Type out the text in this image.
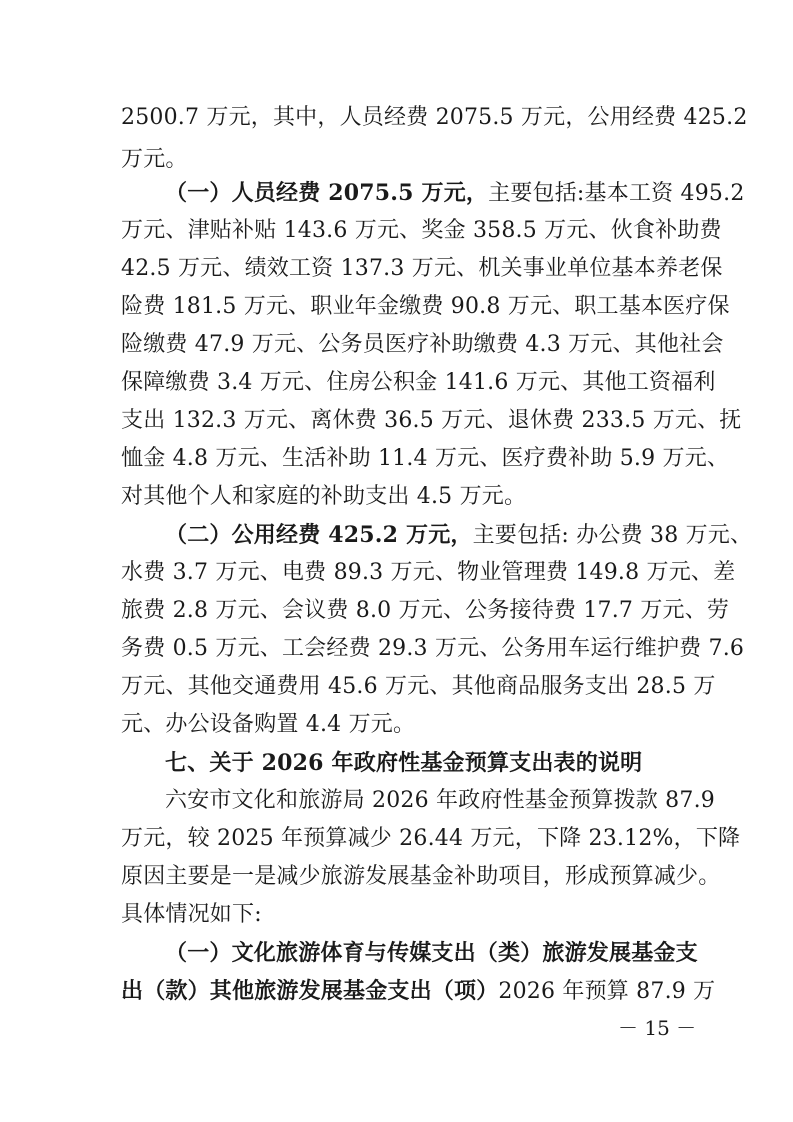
2500.7 万元，其中，人员经费 2075.5 万元，公用经费 425.2
万元。
（一）人员经费 2075.5 万元，主要包括:基本工资 495.2
万元、津贴补贴 143.6 万元、奖金 358.5 万元、伙食补助费
42.5 万元、绩效工资 137.3 万元、机关事业单位基本养老保
险费 181.5 万元、职业年金缴费 90.8 万元、职工基本医疗保
险缴费 47.9 万元、公务员医疗补助缴费 4.3 万元、其他社会
保障缴费 3.4 万元、住房公积金 141.6 万元、其他工资福利
支出 132.3 万元、离休费 36.5 万元、退休费 233.5 万元、抚
恤金 4.8 万元、生活补助 11.4 万元、医疗费补助 5.9 万元、
对其他个人和家庭的补助支出 4.5 万元。
（二）公用经费 425.2 万元，主要包括: 办公费 38 万元、
水费 3.7 万元、电费 89.3 万元、物业管理费 149.8 万元、差
旅费 2.8 万元、会议费 8.0 万元、公务接待费 17.7 万元、劳
务费 0.5 万元、工会经费 29.3 万元、公务用车运行维护费 7.6
万元、其他交通费用 45.6 万元、其他商品服务支出 28.5 万
元、办公设备购置 4.4 万元。
七、关于 2026 年政府性基金预算支出表的说明
六安市文化和旅游局 2026 年政府性基金预算拨款 87.9
万元，较 2025 年预算减少 26.44 万元，下降 23.12%，下降
原因主要是一是减少旅游发展基金补助项目，形成预算减少。
具体情况如下:
（一）文化旅游体育与传媒支出（类）旅游发展基金支
出（款）其他旅游发展基金支出（项）2026 年预算 87.9 万
－ 15 －
